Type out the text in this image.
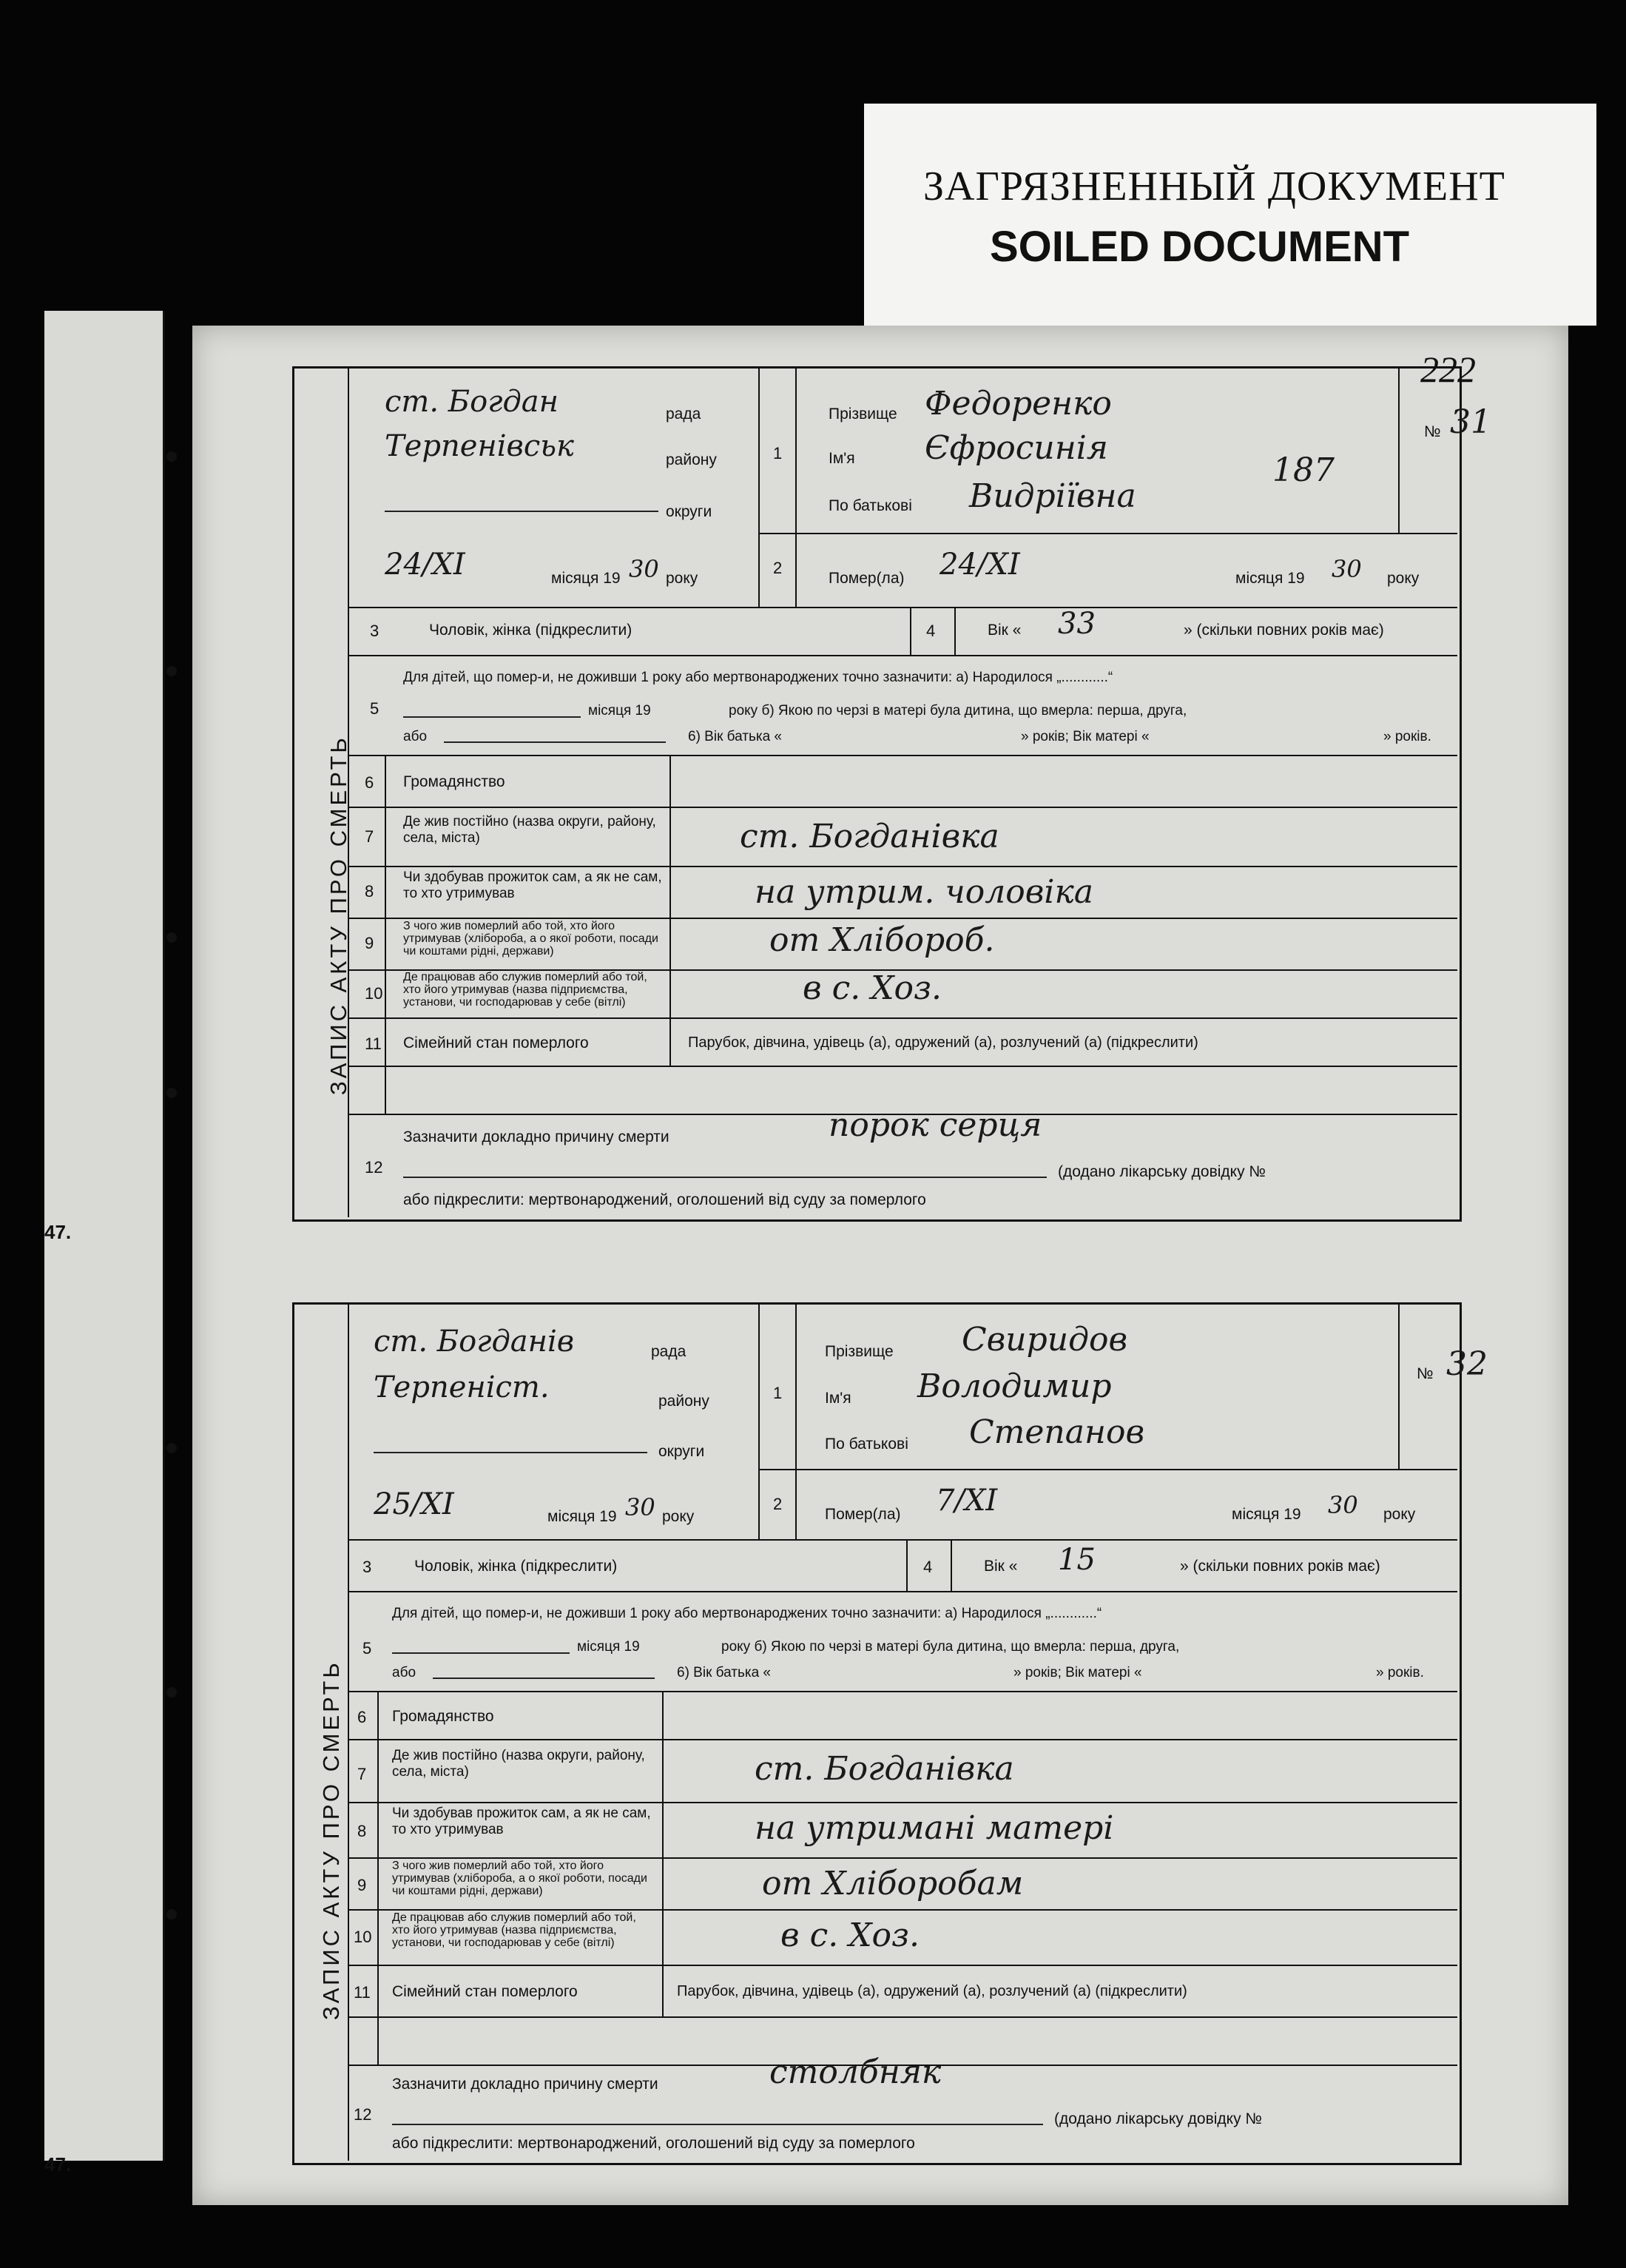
47.
47.
ЗАГРЯЗНЕННЫЙ ДОКУМЕНТ
SOILED DOCUMENT
222
ЗАПИС АКТУ ПРО СМЕРТЬ
ст. Богдан	рада
Терпенівськ	району
округи
24/XI	місяця 19 30 року
1
2
Прізвище Федоренко
Ім'я Єфросинія
187
По батькові Видріївна
№ 31
Помер(ла) 24/XI	місяця 19 30 року
3	Чоловік, жінка (підкреслити)	4	Вік « 33	» (скільки повних років має)
5
Для дітей, що помер-и, не доживши 1 року або мертвонароджених точно зазначити: а) Народилося „............“
місяця 19	року б) Якою по черзі в матері була дитина, що вмерла: перша, друга,
або	6) Вік батька «	» років; Вік матері «	» років.
6 Громадянство
7
Де жив постійно (назва округи, району, села, міста)	ст. Богданівка
8
Чи здобував прожиток сам, а як не сам, то хто утримував	на утрим. чоловіка
9
З чого жив померлий або той, хто його утримував (хлібороба, а о якої роботи, посади чи коштами рідні, держави)	от Хлібороб.
10
Де працював або служив померлий або той, хто його утримував (назва підприємства, установи, чи господарював у себе (вітлі)	в с. Хоз.
11 Сімейний стан померлого	Парубок, дівчина, удівець (а), одружений (а), розлучений (а) (підкреслити)
12
Зазначити докладно причину смерти	порок серця
(додано лікарську довідку №
або підкреслити: мертвонароджений, оголошений від суду за померлого
ЗАПИС АКТУ ПРО СМЕРТЬ
ст. Богданів	рада
Терпеніст.	району
округи
25/XI	місяця 19 30 року
1
2
Прізвище Свиридов
Ім'я Володимир
По батькові Степанов
№ 32
Помер(ла) 7/XI	місяця 19 30 року
3	Чоловік, жінка (підкреслити)	4	Вік « 15	» (скільки повних років має)
5
Для дітей, що помер-и, не доживши 1 року або мертвонароджених точно зазначити: а) Народилося „............“
місяця 19	року б) Якою по черзі в матері була дитина, що вмерла: перша, друга,
або	6) Вік батька «	» років; Вік матері «	» років.
6 Громадянство
7
Де жив постійно (назва округи, району, села, міста)	ст. Богданівка
8
Чи здобував прожиток сам, а як не сам, то хто утримував	на утримані матері
9
З чого жив померлий або той, хто його утримував (хлібороба, а о якої роботи, посади чи коштами рідні, держави)	от Хліборобам
10
Де працював або служив померлий або той, хто його утримував (назва підприємства, установи, чи господарював у себе (вітлі)	в с. Хоз.
11 Сімейний стан померлого	Парубок, дівчина, удівець (а), одружений (а), розлучений (а) (підкреслити)
12
Зазначити докладно причину смерти	столбняк
(додано лікарську довідку №
або підкреслити: мертвонароджений, оголошений від суду за померлого
